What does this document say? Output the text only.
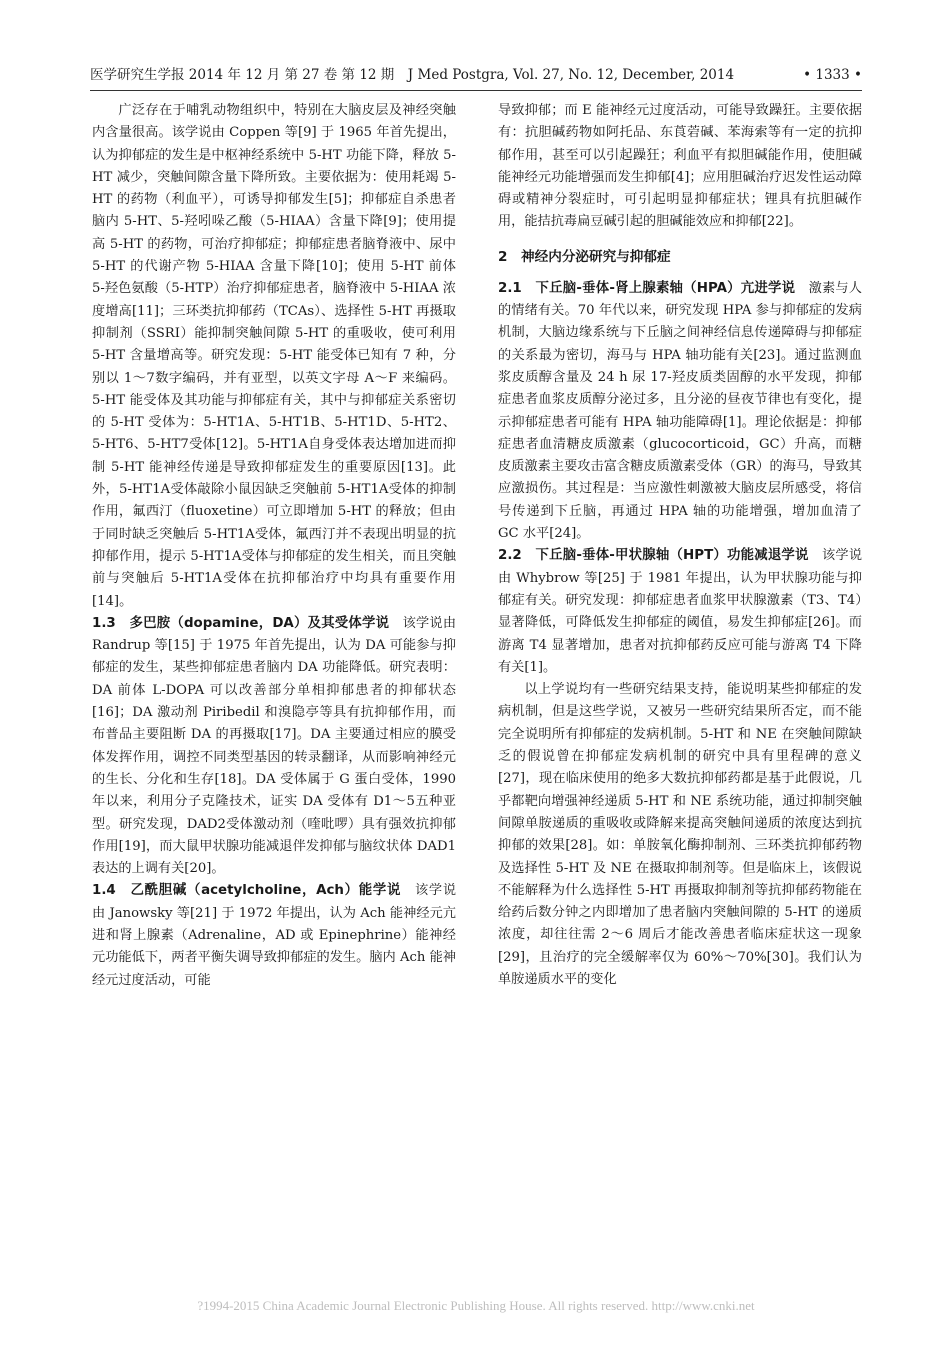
医学研究生学报 2014 年 12 月 第 27 卷 第 12 期　J Med Postgra, Vol. 27, No. 12, December, 2014	• 1333 •

广泛存在于哺乳动物组织中，特别在大脑皮层及神经突触内含量很高。该学说由 Coppen 等[9] 于 1965 年首先提出，认为抑郁症的发生是中枢神经系统中 5-HT 功能下降，释放 5-HT 减少，突触间隙含量下降所致。主要依据为：使用耗竭 5-HT 的药物（利血平），可诱导抑郁发生[5]；抑郁症自杀患者脑内 5-HT、5-羟吲哚乙酸（5-HIAA）含量下降[9]；使用提高 5-HT 的药物，可治疗抑郁症；抑郁症患者脑脊液中、尿中 5-HT 的代谢产物 5-HIAA 含量下降[10]；使用 5-HT 前体 5-羟色氨酸（5-HTP）治疗抑郁症患者，脑脊液中 5-HIAA 浓度增高[11]；三环类抗抑郁药（TCAs）、选择性 5-HT 再摄取抑制剂（SSRI）能抑制突触间隙 5-HT 的重吸收，使可利用 5-HT 含量增高等。研究发现：5-HT 能受体已知有 7 种，分别以 1～7数字编码，并有亚型，以英文字母 A～F 来编码。5-HT 能受体及其功能与抑郁症有关，其中与抑郁症关系密切的 5-HT 受体为：5-HT1A、5-HT1B、5-HT1D、5-HT2、5-HT6、5-HT7受体[12]。5-HT1A自身受体表达增加进而抑制 5-HT 能神经传递是导致抑郁症发生的重要原因[13]。此外，5-HT1A受体敲除小鼠因缺乏突触前 5-HT1A受体的抑制作用，氟西汀（fluoxetine）可立即增加 5-HT 的释放；但由于同时缺乏突触后 5-HT1A受体，氟西汀并不表现出明显的抗抑郁作用，提示 5-HT1A受体与抑郁症的发生相关，而且突触前与突触后 5-HT1A受体在抗抑郁治疗中均具有重要作用[14]。

1.3　多巴胺（dopamine，DA）及其受体学说　 该学说由 Randrup 等[15] 于 1975 年首先提出，认为 DA 可能参与抑郁症的发生，某些抑郁症患者脑内 DA 功能降低。研究表明：DA 前体 L-DOPA 可以改善部分单相抑郁患者的抑郁状态[16]；DA 激动剂 Piribedil 和溴隐亭等具有抗抑郁作用，而布普品主要阻断 DA 的再摄取[17]。DA 主要通过相应的膜受体发挥作用，调控不同类型基因的转录翻译，从而影响神经元的生长、分化和生存[18]。DA 受体属于 G 蛋白受体，1990 年以来，利用分子克隆技术，证实 DA 受体有 D1～5五种亚型。研究发现，DAD2受体激动剂（喹吡啰）具有强效抗抑郁作用[19]，而大鼠甲状腺功能减退伴发抑郁与脑纹状体 DAD1 表达的上调有关[20]。

1.4　乙酰胆碱（acetylcholine，Ach）能学说　 该学说由 Janowsky 等[21] 于 1972 年提出，认为 Ach 能神经元亢进和肾上腺素（Adrenaline，AD 或 Epinephrine）能神经元功能低下，两者平衡失调导致抑郁症的发生。脑内 Ach 能神经元过度活动，可能

导致抑郁；而 E 能神经元过度活动，可能导致躁狂。主要依据有：抗胆碱药物如阿托品、东莨菪碱、苯海索等有一定的抗抑郁作用，甚至可以引起躁狂；利血平有拟胆碱能作用，使胆碱能神经元功能增强而发生抑郁[4]；应用胆碱治疗迟发性运动障碍或精神分裂症时，可引起明显抑郁症状；锂具有抗胆碱作用，能拮抗毒扁豆碱引起的胆碱能效应和抑郁[22]。

2　神经内分泌研究与抑郁症

2.1　下丘脑-垂体-肾上腺素轴（HPA）亢进学说　 激素与人的情绪有关。70 年代以来，研究发现 HPA 参与抑郁症的发病机制，大脑边缘系统与下丘脑之间神经信息传递障碍与抑郁症的关系最为密切，海马与 HPA 轴功能有关[23]。通过监测血浆皮质醇含量及 24 h 尿 17-羟皮质类固醇的水平发现，抑郁症患者血浆皮质醇分泌过多，且分泌的昼夜节律也有变化，提示抑郁症患者可能有 HPA 轴功能障碍[1]。理论依据是：抑郁症患者血清糖皮质激素（glucocorticoid，GC）升高，而糖皮质激素主要攻击富含糖皮质激素受体（GR）的海马，导致其应激损伤。其过程是：当应激性刺激被大脑皮层所感受，将信号传递到下丘脑，再通过 HPA 轴的功能增强，增加血清了 GC 水平[24]。

2.2　下丘脑-垂体-甲状腺轴（HPT）功能减退学说　 该学说由 Whybrow 等[25] 于 1981 年提出，认为甲状腺功能与抑郁症有关。研究发现：抑郁症患者血浆甲状腺激素（T3、T4）显著降低，可降低发生抑郁症的阈值，易发生抑郁症[26]。而游离 T4 显著增加，患者对抗抑郁药反应可能与游离 T4 下降有关[1]。

以上学说均有一些研究结果支持，能说明某些抑郁症的发病机制，但是这些学说，又被另一些研究结果所否定，而不能完全说明所有抑郁症的发病机制。5-HT 和 NE 在突触间隙缺乏的假说曾在抑郁症发病机制的研究中具有里程碑的意义[27]，现在临床使用的绝多大数抗抑郁药都是基于此假说，几乎都靶向增强神经递质 5-HT 和 NE 系统功能，通过抑制突触间隙单胺递质的重吸收或降解来提高突触间递质的浓度达到抗抑郁的效果[28]。如：单胺氧化酶抑制剂、三环类抗抑郁药物及选择性 5-HT 及 NE 在摄取抑制剂等。但是临床上，该假说不能解释为什么选择性 5-HT 再摄取抑制剂等抗抑郁药物能在给药后数分钟之内即增加了患者脑内突触间隙的 5-HT 的递质浓度，却往往需 2～6 周后才能改善患者临床症状这一现象[29]，且治疗的完全缓解率仅为 60%～70%[30]。我们认为单胺递质水平的变化

?1994-2015 China Academic Journal Electronic Publishing House. All rights reserved. http://www.cnki.net
